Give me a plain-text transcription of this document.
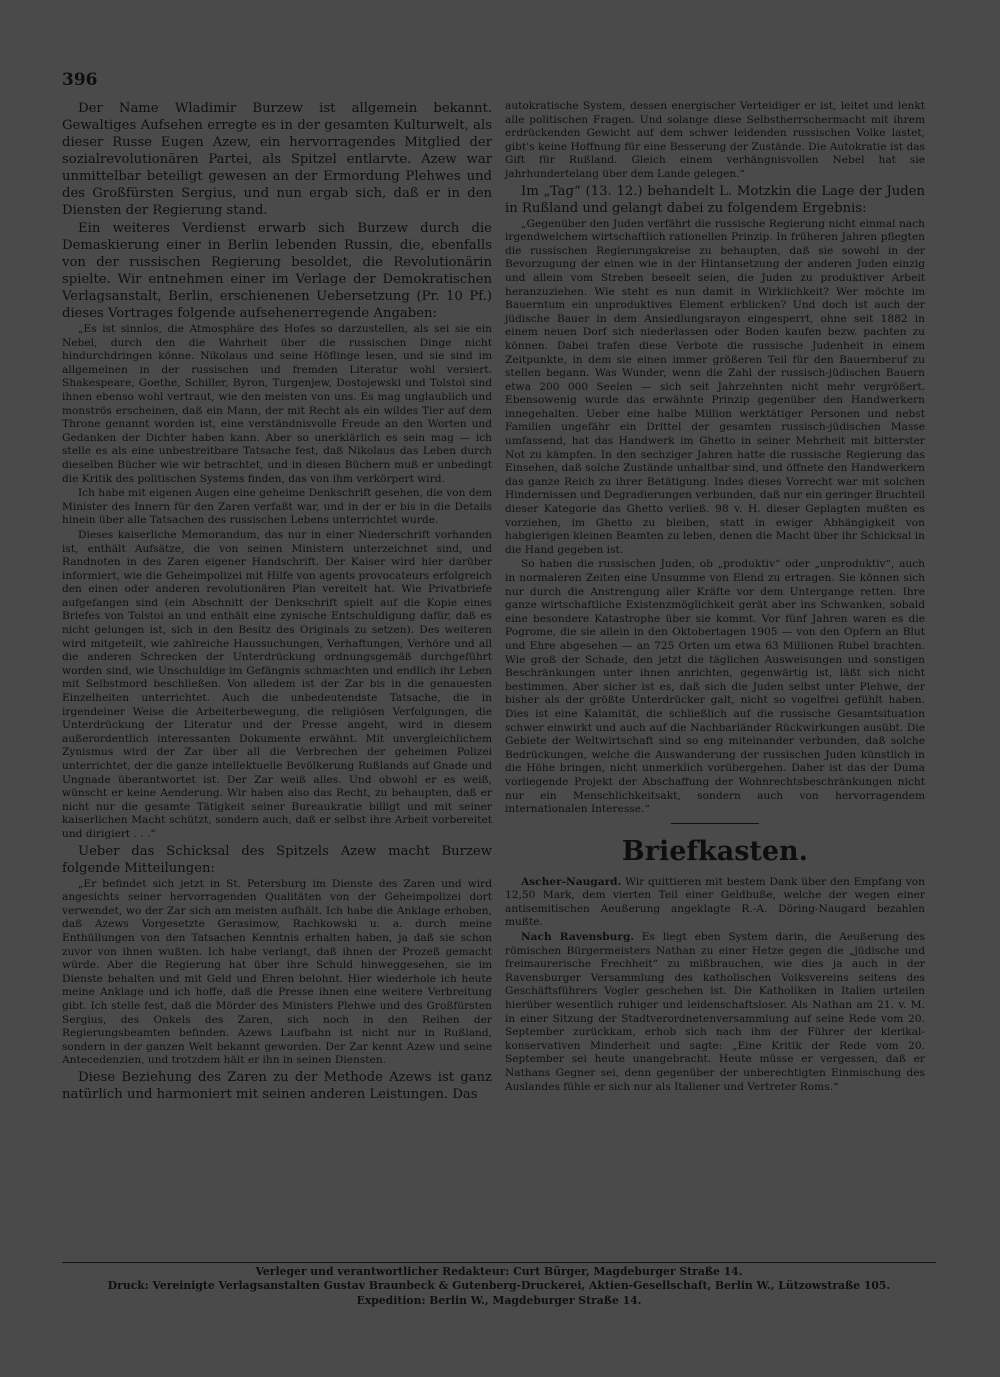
396

Der Name Wladimir Burzew ist allgemein bekannt. Gewaltiges Aufsehen erregte es in der gesamten Kulturwelt, als dieser Russe Eugen Azew, ein hervorragendes Mitglied der sozialrevolutionären Partei, als Spitzel entlarvte. Azew war unmittelbar beteiligt gewesen an der Ermordung Plehwes und des Großfürsten Sergius, und nun ergab sich, daß er in den Diensten der Regierung stand.

Ein weiteres Verdienst erwarb sich Burzew durch die Demaskierung einer in Berlin lebenden Russin, die, ebenfalls von der russischen Regierung besoldet, die Revolutionärin spielte. Wir entnehmen einer im Verlage der Demokratischen Verlagsanstalt, Berlin, erschienenen Uebersetzung (Pr. 10 Pf.) dieses Vortrages folgende aufsehenerregende Angaben:

„Es ist sinnlos, die Atmosphäre des Hofes so darzustellen, als sei sie ein Nebel, durch den die Wahrheit über die russischen Dinge nicht hindurchdringen könne. Nikolaus und seine Höflinge lesen, und sie sind im allgemeinen in der russischen und fremden Literatur wohl versiert. Shakespeare, Goethe, Schiller, Byron, Turgenjew, Dostojewski und Tolstoi sind ihnen ebenso wohl vertraut, wie den meisten von uns. Es mag unglaublich und monströs erscheinen, daß ein Mann, der mit Recht als ein wildes Tier auf dem Throne genannt worden ist, eine verständnisvolle Freude an den Worten und Gedanken der Dichter haben kann. Aber so unerklärlich es sein mag — ich stelle es als eine unbestreitbare Tatsache fest, daß Nikolaus das Leben durch dieselben Bücher wie wir betrachtet, und in diesen Büchern muß er unbedingt die Kritik des politischen Systems finden, das von ihm verkörpert wird.

Ich habe mit eigenen Augen eine geheime Denkschrift gesehen, die von dem Minister des Innern für den Zaren verfaßt war, und in der er bis in die Details hinein über alle Tatsachen des russischen Lebens unterrichtet wurde.

Dieses kaiserliche Memorandum, das nur in einer Niederschrift vorhanden ist, enthält Aufsätze, die von seinen Ministern unterzeichnet sind, und Randnoten in des Zaren eigener Handschrift. Der Kaiser wird hier darüber informiert, wie die Geheimpolizei mit Hilfe von agents provocateurs erfolgreich den einen oder anderen revolutionären Plan vereitelt hat. Wie Privatbriefe aufgefangen sind (ein Abschnitt der Denkschrift spielt auf die Kopie eines Briefes von Tolstoi an und enthält eine zynische Entschuldigung dafür, daß es nicht gelungen ist, sich in den Besitz des Originals zu setzen). Des weiteren wird mitgeteilt, wie zahlreiche Haussuchungen, Verhaftungen, Verhöre und all die anderen Schrecken der Unterdrückung ordnungsgemäß durchgeführt worden sind, wie Unschuldige im Gefängnis schmachten und endlich ihr Leben mit Selbstmord beschließen. Von alledem ist der Zar bis in die genauesten Einzelheiten unterrichtet. Auch die unbedeutendste Tatsache, die in irgendeiner Weise die Arbeiterbewegung, die religiösen Verfolgungen, die Unterdrückung der Literatur und der Presse angeht, wird in diesem außerordentlich interessanten Dokumente erwähnt. Mit unvergleichlichem Zynismus wird der Zar über all die Verbrechen der geheimen Polizei unterrichtet, der die ganze intellektuelle Bevölkerung Rußlands auf Gnade und Ungnade überantwortet ist. Der Zar weiß alles. Und obwohl er es weiß, wünscht er keine Aenderung. Wir haben also das Recht, zu behaupten, daß er nicht nur die gesamte Tätigkeit seiner Bureaukratie billigt und mit seiner kaiserlichen Macht schützt, sondern auch, daß er selbst ihre Arbeit vorbereitet und dirigiert . . .“

Ueber das Schicksal des Spitzels Azew macht Burzew folgende Mitteilungen:

„Er befindet sich jetzt in St. Petersburg im Dienste des Zaren und wird angesichts seiner hervorragenden Qualitäten von der Geheimpolizei dort verwendet, wo der Zar sich am meisten aufhält. Ich habe die Anklage erhoben, daß Azews Vorgesetzte Gerasimow, Rachkowski u. a. durch meine Enthüllungen von den Tatsachen Kenntnis erhalten haben, ja daß sie schon zuvor von ihnen wußten. Ich habe verlangt, daß ihnen der Prozeß gemacht würde. Aber die Regierung hat über ihre Schuld hinweggesehen, sie im Dienste behalten und mit Geld und Ehren belohnt. Hier wiederhole ich heute meine Anklage und ich hoffe, daß die Presse ihnen eine weitere Verbreitung gibt. Ich stelle fest, daß die Mörder des Ministers Plehwe und des Großfürsten Sergius, des Onkels des Zaren, sich noch in den Reihen der Regierungsbeamten befinden. Azews Laufbahn ist nicht nur in Rußland, sondern in der ganzen Welt bekannt geworden. Der Zar kennt Azew und seine Antecedenzien, und trotzdem hält er ihn in seinen Diensten.

Diese Beziehung des Zaren zu der Methode Azews ist ganz natürlich und harmoniert mit seinen anderen Leistungen. Das

autokratische System, dessen energischer Verteidiger er ist, leitet und lenkt alle politischen Fragen. Und solange diese Selbstherrschermacht mit ihrem erdrückenden Gewicht auf dem schwer leidenden russischen Volke lastet, gibt's keine Hoffnung für eine Besserung der Zustände. Die Autokratie ist das Gift für Rußland. Gleich einem verhängnisvollen Nebel hat sie jahrhundertelang über dem Lande gelegen.“

Im „Tag“ (13. 12.) behandelt L. Motzkin die Lage der Juden in Rußland und gelangt dabei zu folgendem Ergebnis:

„Gegenüber den Juden verfährt die russische Regierung nicht einmal nach irgendwelchem wirtschaftlich rationellen Prinzip. In früheren Jahren pflegten die russischen Regierungskreise zu behaupten, daß sie sowohl in der Bevorzugung der einen wie in der Hintansetzung der anderen Juden einzig und allein vom Streben beseelt seien, die Juden zu produktiver Arbeit heranzuziehen. Wie steht es nun damit in Wirklichkeit? Wer möchte im Bauerntum ein unproduktives Element erblicken? Und doch ist auch der jüdische Bauer in dem Ansiedlungsrayon eingesperrt, ohne seit 1882 in einem neuen Dorf sich niederlassen oder Boden kaufen bezw. pachten zu können. Dabei trafen diese Verbote die russische Judenheit in einem Zeitpunkte, in dem sie einen immer größeren Teil für den Bauernberuf zu stellen begann. Was Wunder, wenn die Zahl der russisch-jüdischen Bauern etwa 200 000 Seelen — sich seit Jahrzehnten nicht mehr vergrößert. Ebensowenig wurde das erwähnte Prinzip gegenüber den Handwerkern innegehalten. Ueber eine halbe Million werktätiger Personen und nebst Familien ungefähr ein Drittel der gesamten russisch-jüdischen Masse umfassend, hat das Handwerk im Ghetto in seiner Mehrheit mit bitterster Not zu kämpfen. In den sechziger Jahren hatte die russische Regierung das Einsehen, daß solche Zustände unhaltbar sind, und öffnete den Handwerkern das ganze Reich zu ihrer Betätigung. Indes dieses Vorrecht war mit solchen Hindernissen und Degradierungen verbunden, daß nur ein geringer Bruchteil dieser Kategorie das Ghetto verließ. 98 v. H. dieser Geplagten mußten es vorziehen, im Ghetto zu bleiben, statt in ewiger Abhängigkeit von habgierigen kleinen Beamten zu leben, denen die Macht über ihr Schicksal in die Hand gegeben ist.

So haben die russischen Juden, ob „produktiv“ oder „unproduktiv“, auch in normaleren Zeiten eine Unsumme von Elend zu ertragen. Sie können sich nur durch die Anstrengung aller Kräfte vor dem Untergange retten. Ihre ganze wirtschaftliche Existenzmöglichkeit gerät aber ins Schwanken, sobald eine besondere Katastrophe über sie kommt. Vor fünf Jahren waren es die Pogrome, die sie allein in den Oktobertagen 1905 — von den Opfern an Blut und Ehre abgesehen — an 725 Orten um etwa 63 Millionen Rubel brachten. Wie groß der Schade, den jetzt die täglichen Ausweisungen und sonstigen Beschränkungen unter ihnen anrichten, gegenwärtig ist, läßt sich nicht bestimmen. Aber sicher ist es, daß sich die Juden selbst unter Plehwe, der bisher als der größte Unterdrücker galt, nicht so vogelfrei gefühlt haben. Dies ist eine Kalamität, die schließlich auf die russische Gesamtsituation schwer einwirkt und auch auf die Nachbarländer Rückwirkungen ausübt. Die Gebiete der Weltwirtschaft sind so eng miteinander verbunden, daß solche Bedrückungen, welche die Auswanderung der russischen Juden künstlich in die Höhe bringen, nicht unmerklich vorübergehen. Daher ist das der Duma vorliegende Projekt der Abschaffung der Wohnrechtsbeschränkungen nicht nur ein Menschlichkeitsakt, sondern auch von hervorragendem internationalen Interesse.“

Briefkasten.

Ascher-Naugard. Wir quittieren mit bestem Dank über den Empfang von 12,50 Mark, dem vierten Teil einer Geldbuße, welche der wegen einer antisemitischen Aeußerung angeklagte R.-A. Döring-Naugard bezahlen mußte.

Nach Ravensburg. Es liegt eben System darin, die Aeußerung des römischen Bürgermeisters Nathan zu einer Hetze gegen die „jüdische und freimaurerische Frechheit“ zu mißbrauchen, wie dies ja auch in der Ravensburger Versammlung des katholischen Volksvereins seitens des Geschäftsführers Vogler geschehen ist. Die Katholiken in Italien urteilen hierüber wesentlich ruhiger und leidenschaftsloser. Als Nathan am 21. v. M. in einer Sitzung der Stadtverordnetenversammlung auf seine Rede vom 20. September zurückkam, erhob sich nach ihm der Führer der klerikal-konservativen Minderheit und sagte: „Eine Kritik der Rede vom 20. September sei heute unangebracht. Heute müsse er vergessen, daß er Nathans Gegner sei, denn gegenüber der unberechtigten Einmischung des Auslandes fühle er sich nur als Italiener und Vertreter Roms.“

Verleger und verantwortlicher Redakteur: Curt Bürger, Magdeburger Straße 14.
Druck: Vereinigte Verlagsanstalten Gustav Braunbeck & Gutenberg-Druckerei, Aktien-Gesellschaft, Berlin W., Lützowstraße 105.
Expedition: Berlin W., Magdeburger Straße 14.
